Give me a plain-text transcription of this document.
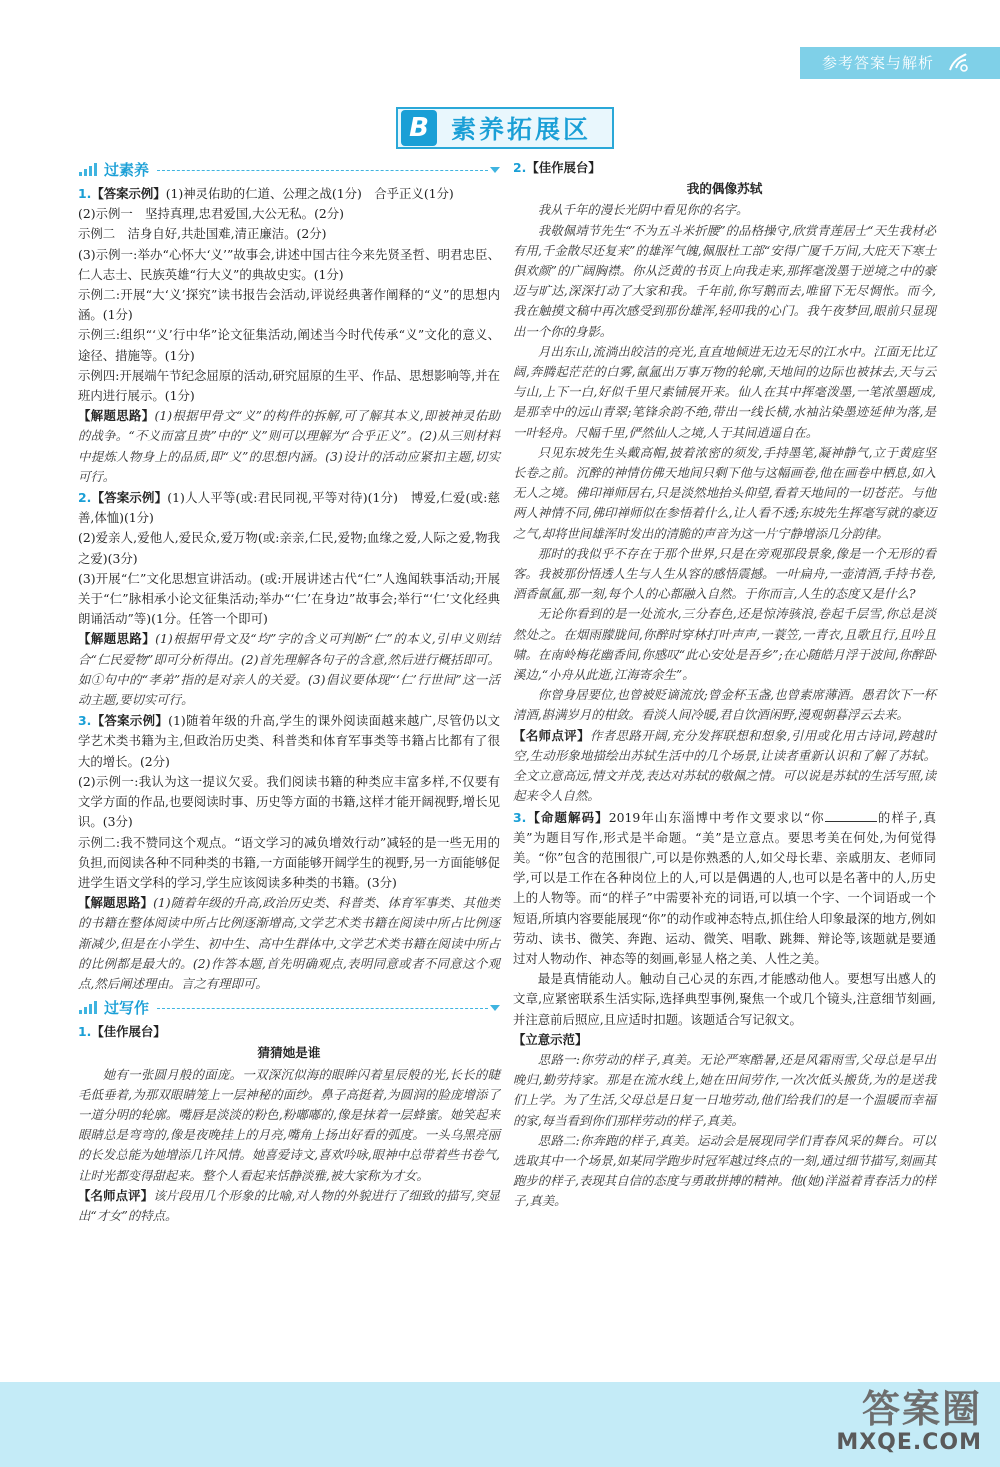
参考答案与解析
B 素养拓展区
过素养

1.【答案示例】(1)神灵佑助的仁道、公理之战(1分)　合乎正义(1分)

(2)示例一　坚持真理,忠君爱国,大公无私。(2分)

示例二　洁身自好,共赴国难,清正廉洁。(2分)

(3)示例一:举办“心怀大‘义’”故事会,讲述中国古往今来先贤圣哲、明君忠臣、仁人志士、民族英雄“行大义”的典故史实。(1分)

示例二:开展“大‘义’探究”读书报告会活动,评说经典著作阐释的“义”的思想内涵。(1分)

示例三:组织“‘义’行中华”论文征集活动,阐述当今时代传承“义”文化的意义、途径、措施等。(1分)

示例四:开展端午节纪念屈原的活动,研究屈原的生平、作品、思想影响等,并在班内进行展示。(1分)

【解题思路】(1)根据甲骨文“义”的构件的拆解,可了解其本义,即被神灵佑助的战争。“不义而富且贵”中的“义”则可以理解为“合乎正义”。(2)从三则材料中提炼人物身上的品质,即“义”的思想内涵。(3)设计的活动应紧扣主题,切实可行。

2.【答案示例】(1)人人平等(或:君民同视,平等对待)(1分)　博爱,仁爱(或:慈善,体恤)(1分)

(2)爱亲人,爱他人,爱民众,爱万物(或:亲亲,仁民,爱物;血缘之爱,人际之爱,物我之爱)(3分)

(3)开展“仁”文化思想宣讲活动。(或:开展讲述古代“仁”人逸闻轶事活动;开展关于“仁”脉相承小论文征集活动;举办“‘仁’在身边”故事会;举行“‘仁’文化经典朗诵活动”等)(1分。任答一个即可)

【解题思路】(1)根据甲骨文及“均”字的含义可判断“仁”的本义,引申义则结合“仁民爱物”即可分析得出。(2)首先理解各句子的含意,然后进行概括即可。如①句中的“孝弟”指的是对亲人的关爱。(3)倡议要体现“‘仁’行世间”这一活动主题,要切实可行。

3.【答案示例】(1)随着年级的升高,学生的课外阅读面越来越广,尽管仍以文学艺术类书籍为主,但政治历史类、科普类和体育军事类等书籍占比都有了很大的增长。(2分)

(2)示例一:我认为这一提议欠妥。我们阅读书籍的种类应丰富多样,不仅要有文学方面的作品,也要阅读时事、历史等方面的书籍,这样才能开阔视野,增长见识。(3分)

示例二:我不赞同这个观点。“语文学习的减负增效行动”减轻的是一些无用的负担,而阅读各种不同种类的书籍,一方面能够开阔学生的视野,另一方面能够促进学生语文学科的学习,学生应该阅读多种类的书籍。(3分)

【解题思路】(1)随着年级的升高,政治历史类、科普类、体育军事类、其他类的书籍在整体阅读中所占比例逐渐增高,文学艺术类书籍在阅读中所占比例逐渐减少,但是在小学生、初中生、高中生群体中,文学艺术类书籍在阅读中所占的比例都是最大的。(2)作答本题,首先明确观点,表明同意或者不同意这个观点,然后阐述理由。言之有理即可。

过写作

1.【佳作展台】

猜猜她是谁

她有一张圆月般的面庞。一双深沉似海的眼眸闪着星辰般的光,长长的睫毛低垂着,为那双眼睛笼上一层神秘的面纱。鼻子高挺着,为圆润的脸庞增添了一道分明的轮廓。嘴唇是淡淡的粉色,粉嘟嘟的,像是抹着一层蜂蜜。她笑起来眼睛总是弯弯的,像是夜晚挂上的月亮,嘴角上扬出好看的弧度。一头乌黑亮丽的长发总能为她增添几许风情。她喜爱诗文,喜欢吟咏,眼神中总带着些书卷气,让时光都变得甜起来。整个人看起来恬静淡雅,被大家称为才女。

【名师点评】该片段用几个形象的比喻,对人物的外貌进行了细致的描写,突显出“才女”的特点。

2.【佳作展台】

我的偶像苏轼

我从千年的漫长光阴中看见你的名字。

我敬佩靖节先生“不为五斗米折腰”的品格操守,欣赏青莲居士“天生我材必有用,千金散尽还复来”的雄浑气魄,佩服杜工部“安得广厦千万间,大庇天下寒士俱欢颜”的广阔胸襟。你从泛黄的书页上向我走来,那挥毫泼墨于逆境之中的豪迈与旷达,深深打动了大家和我。千年前,你写鹅而去,唯留下无尽惆怅。而今,我在触摸文稿中再次感受到那份雄浑,轻叩我的心门。我午夜梦回,眼前只显现出一个你的身影。

月出东山,流淌出皎洁的亮光,直直地倾进无边无尽的江水中。江面无比辽阔,奔腾起茫茫的白雾,氤氲出万事万物的轮廓,天地间的边际也被抹去,天与云与山,上下一白,好似千里尺素铺展开来。仙人在其中挥毫泼墨,一笔浓墨题成,是那幸中的远山青翠;笔锋余韵不绝,带出一线长横,水袖沾染墨迹延伸为落,是一叶轻舟。尺幅千里,俨然仙人之境,人于其间逍遥自在。

只见东坡先生头戴高帽,披着浓密的须发,手持墨笔,凝神静气,立于黄庭坚长卷之前。沉醉的神情仿佛天地间只剩下他与这幅画卷,他在画卷中栖息,如入无人之境。佛印禅师居右,只是淡然地抬头仰望,看着天地间的一切苍茫。与他两人神情不同,佛印禅师似在参悟着什么,让人看不透;东坡先生挥毫写就的豪迈之气,却将世间雄浑时发出的清脆的声音为这一片宁静增添几分韵律。

那时的我似乎不存在于那个世界,只是在旁观那段景象,像是一个无形的看客。我被那份悟透人生与人生从容的感悟震撼。一叶扁舟,一壶清酒,手持书卷,酒香氤氲,那一刻,每个人的心都融入自然。于你而言,人生的态度又是什么?

无论你看到的是一处流水,三分春色,还是惊涛骇浪,卷起千层雪,你总是淡然处之。在烟雨朦胧间,你醉时穿林打叶声声,一蓑笠,一青衣,且歌且行,且吟且啸。在南岭梅花幽香间,你感叹“此心安处是吾乡”;在心随皓月浮于波间,你醉卧溪边,“小舟从此逝,江海寄余生”。

你曾身居要位,也曾被贬谪流放;曾金杯玉盏,也曾素席薄酒。愚君饮下一杯清酒,斟满岁月的柑敛。看淡人间冷暖,君自饮酒闲野,漫观朝暮浮云去来。

【名师点评】作者思路开阔,充分发挥联想和想象,引用或化用古诗词,跨越时空,生动形象地描绘出苏轼生活中的几个场景,让读者重新认识和了解了苏轼。全文立意高远,情文并茂,表达对苏轼的敬佩之情。可以说是苏轼的生活写照,读起来令人自然。

3.【命题解码】2019年山东淄博中考作文要求以“你	的样子,真美”为题目写作,形式是半命题。“美”是立意点。要思考美在何处,为何觉得美。“你”包含的范围很广,可以是你熟悉的人,如父母长辈、亲戚朋友、老师同学,可以是工作在各种岗位上的人,可以是偶遇的人,也可以是名著中的人,历史上的人物等。而“的样子”中需要补充的词语,可以填一个字、一个词语或一个短语,所填内容要能展现“你”的动作或神态特点,抓住给人印象最深的地方,例如劳动、读书、微笑、奔跑、运动、微笑、唱歌、跳舞、辩论等,该题就是要通过对人物动作、神态等的刻画,彰显人格之美、人性之美。

最是真情能动人。触动自己心灵的东西,才能感动他人。要想写出感人的文章,应紧密联系生活实际,选择典型事例,聚焦一个或几个镜头,注意细节刻画,并注意前后照应,且应适时扣题。该题适合写记叙文。

【立意示范】

思路一:你劳动的样子,真美。无论严寒酷暑,还是风霜雨雪,父母总是早出晚归,勤劳持家。那是在流水线上,她在田间劳作,一次次低头搬货,为的是送我们上学。为了生活,父母总是日复一日地劳动,他们给我们的是一个温暖而幸福的家,每当看到你们那样劳动的样子,真美。

思路二:你奔跑的样子,真美。运动会是展现同学们青春风采的舞台。可以选取其中一个场景,如某同学跑步时冠军越过终点的一刻,通过细节描写,刻画其跑步的样子,表现其自信的态度与勇敢拼搏的精神。他(她)洋溢着青春活力的样子,真美。

答案圈
MXQE.COM
